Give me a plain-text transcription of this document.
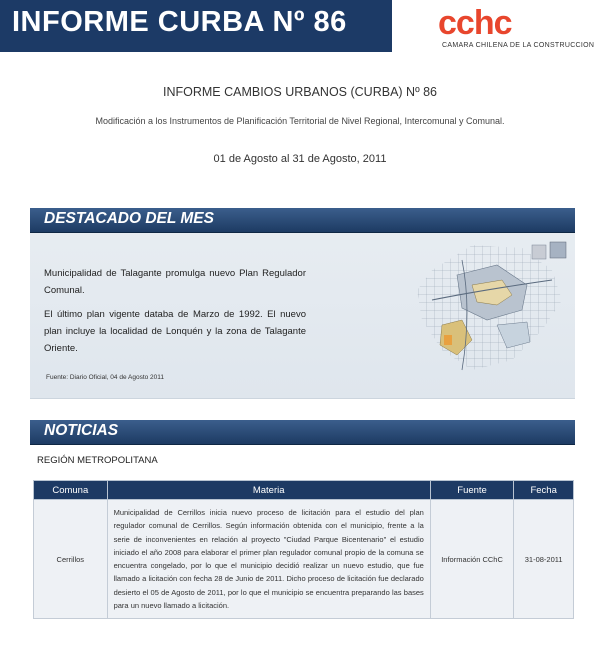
INFORME CURBA Nº 86	cchc
CAMARA CHILENA DE LA CONSTRUCCION
INFORME CAMBIOS URBANOS (CURBA) Nº 86
Modificación a los Instrumentos de Planificación Territorial de Nivel Regional, Intercomunal y Comunal.
01 de Agosto al 31 de Agosto, 2011
DESTACADO DEL MES
Municipalidad de Talagante promulga nuevo Plan Regulador Comunal.
El último plan vigente databa de Marzo de 1992. El nuevo plan incluye la localidad de Lonquén y la zona de Talagante Oriente.
Fuente: Diario Oficial, 04 de Agosto 2011
NOTICIAS
REGIÓN METROPOLITANA
Comuna	Materia	Fuente	Fecha
Cerrillos	Municipalidad de Cerrillos inicia nuevo proceso de licitación para el estudio del plan regulador comunal de Cerrillos. Según información obtenida con el municipio, frente a la serie de inconvenientes en relación al proyecto "Ciudad Parque Bicentenario" el estudio iniciado el año 2008 para elaborar el primer plan regulador comunal propio de la comuna se encuentra congelado, por lo que el municipio decidió realizar un nuevo estudio, que fue llamado a licitación con fecha 28 de Junio de 2011. Dicho proceso de licitación fue declarado desierto el 05 de Agosto de 2011, por lo que el municipio se encuentra preparando las bases para un nuevo llamado a licitación.	Información CChC	31-08-2011
